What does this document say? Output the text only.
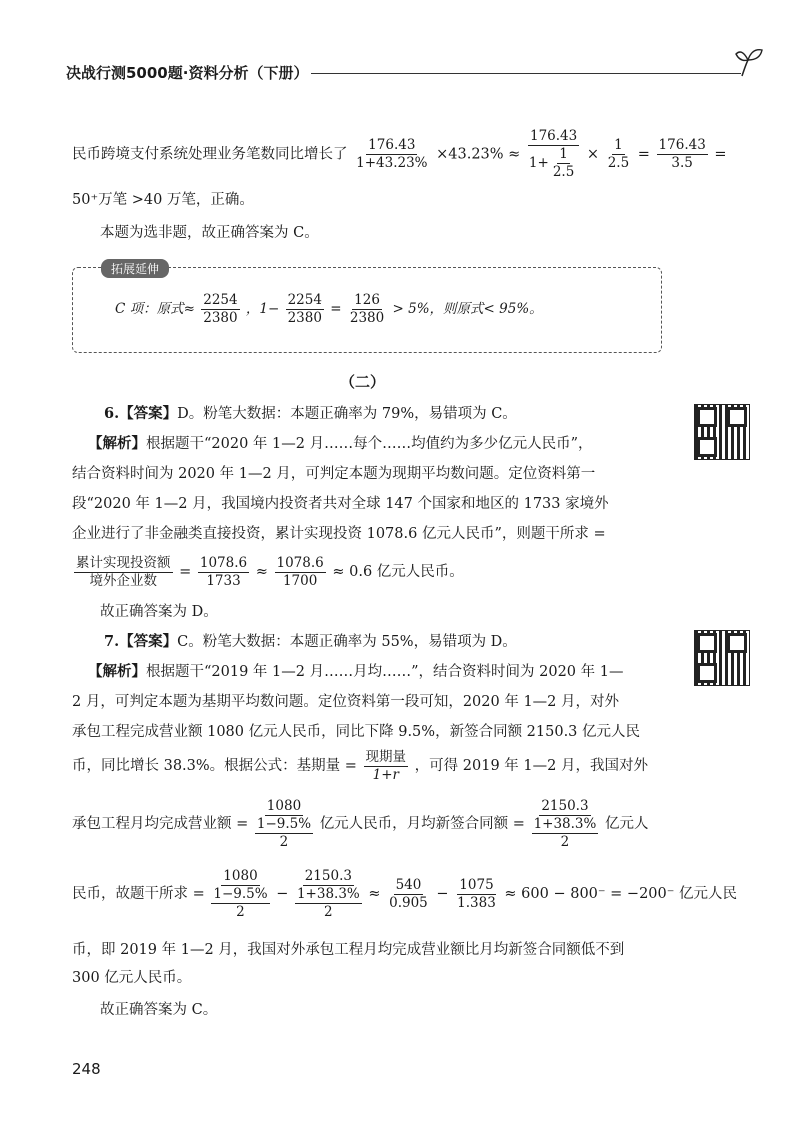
决战行测5000题·资料分析（下册）
民币跨境支付系统处理业务笔数同比增长了 $\frac{176.43}{1+43.23\%} \times 43.23\% \approx \frac{176.43}{1+ \frac{1}{2.5}} \times \frac{1}{2.5} = \frac{176.43}{3.5}$ =
50⁺万笔 >40 万笔，正确。
本题为选非题，故正确答案为 C。
拓展延伸
C 项：原式≈ $\frac{2254}{2380}$ ，$1- \frac{2254}{2380} = \frac{126}{2380} > 5\%$，则原式< 95%。
（二）
6.【答案】D。粉笔大数据：本题正确率为 79%，易错项为 C。
【解析】根据题干“2020 年 1—2 月……每个……均值约为多少亿元人民币”，
结合资料时间为 2020 年 1—2 月，可判定本题为现期平均数问题。定位资料第一
段“2020 年 1—2 月，我国境内投资者共对全球 147 个国家和地区的 1733 家境外
企业进行了非金融类直接投资，累计实现投资 1078.6 亿元人民币”，则题干所求 =
$\frac{\text{累计实现投资额}}{\text{境外企业数}} = \frac{1078.6}{1733} \approx \frac{1078.6}{1700} \approx 0.6$ 亿元人民币。
故正确答案为 D。
7.【答案】C。粉笔大数据：本题正确率为 55%，易错项为 D。
【解析】根据题干“2019 年 1—2 月……月均……”，结合资料时间为 2020 年 1—
2 月，可判定本题为基期平均数问题。定位资料第一段可知，2020 年 1—2 月，对外
承包工程完成营业额 1080 亿元人民币，同比下降 9.5%，新签合同额 2150.3 亿元人民
币，同比增长 38.3%。根据公式：基期量 = $\frac{\text{现期量}}{1+r}$ ，可得 2019 年 1—2 月，我国对外
承包工程月均完成营业额 = $\frac{\frac{1080}{1-9.5\%}}{2}$ 亿元人民币，月均新签合同额 = $\frac{\frac{2150.3}{1+38.3\%}}{2}$ 亿元人
民币，故题干所求 = $\frac{\frac{1080}{1-9.5\%}}{2} - \frac{\frac{2150.3}{1+38.3\%}}{2} \approx \frac{540}{0.905} - \frac{1075}{1.383} \approx 600 - 800^- = -200^-$ 亿元人民
币，即 2019 年 1—2 月，我国对外承包工程月均完成营业额比月均新签合同额低不到
300 亿元人民币。
故正确答案为 C。
248
